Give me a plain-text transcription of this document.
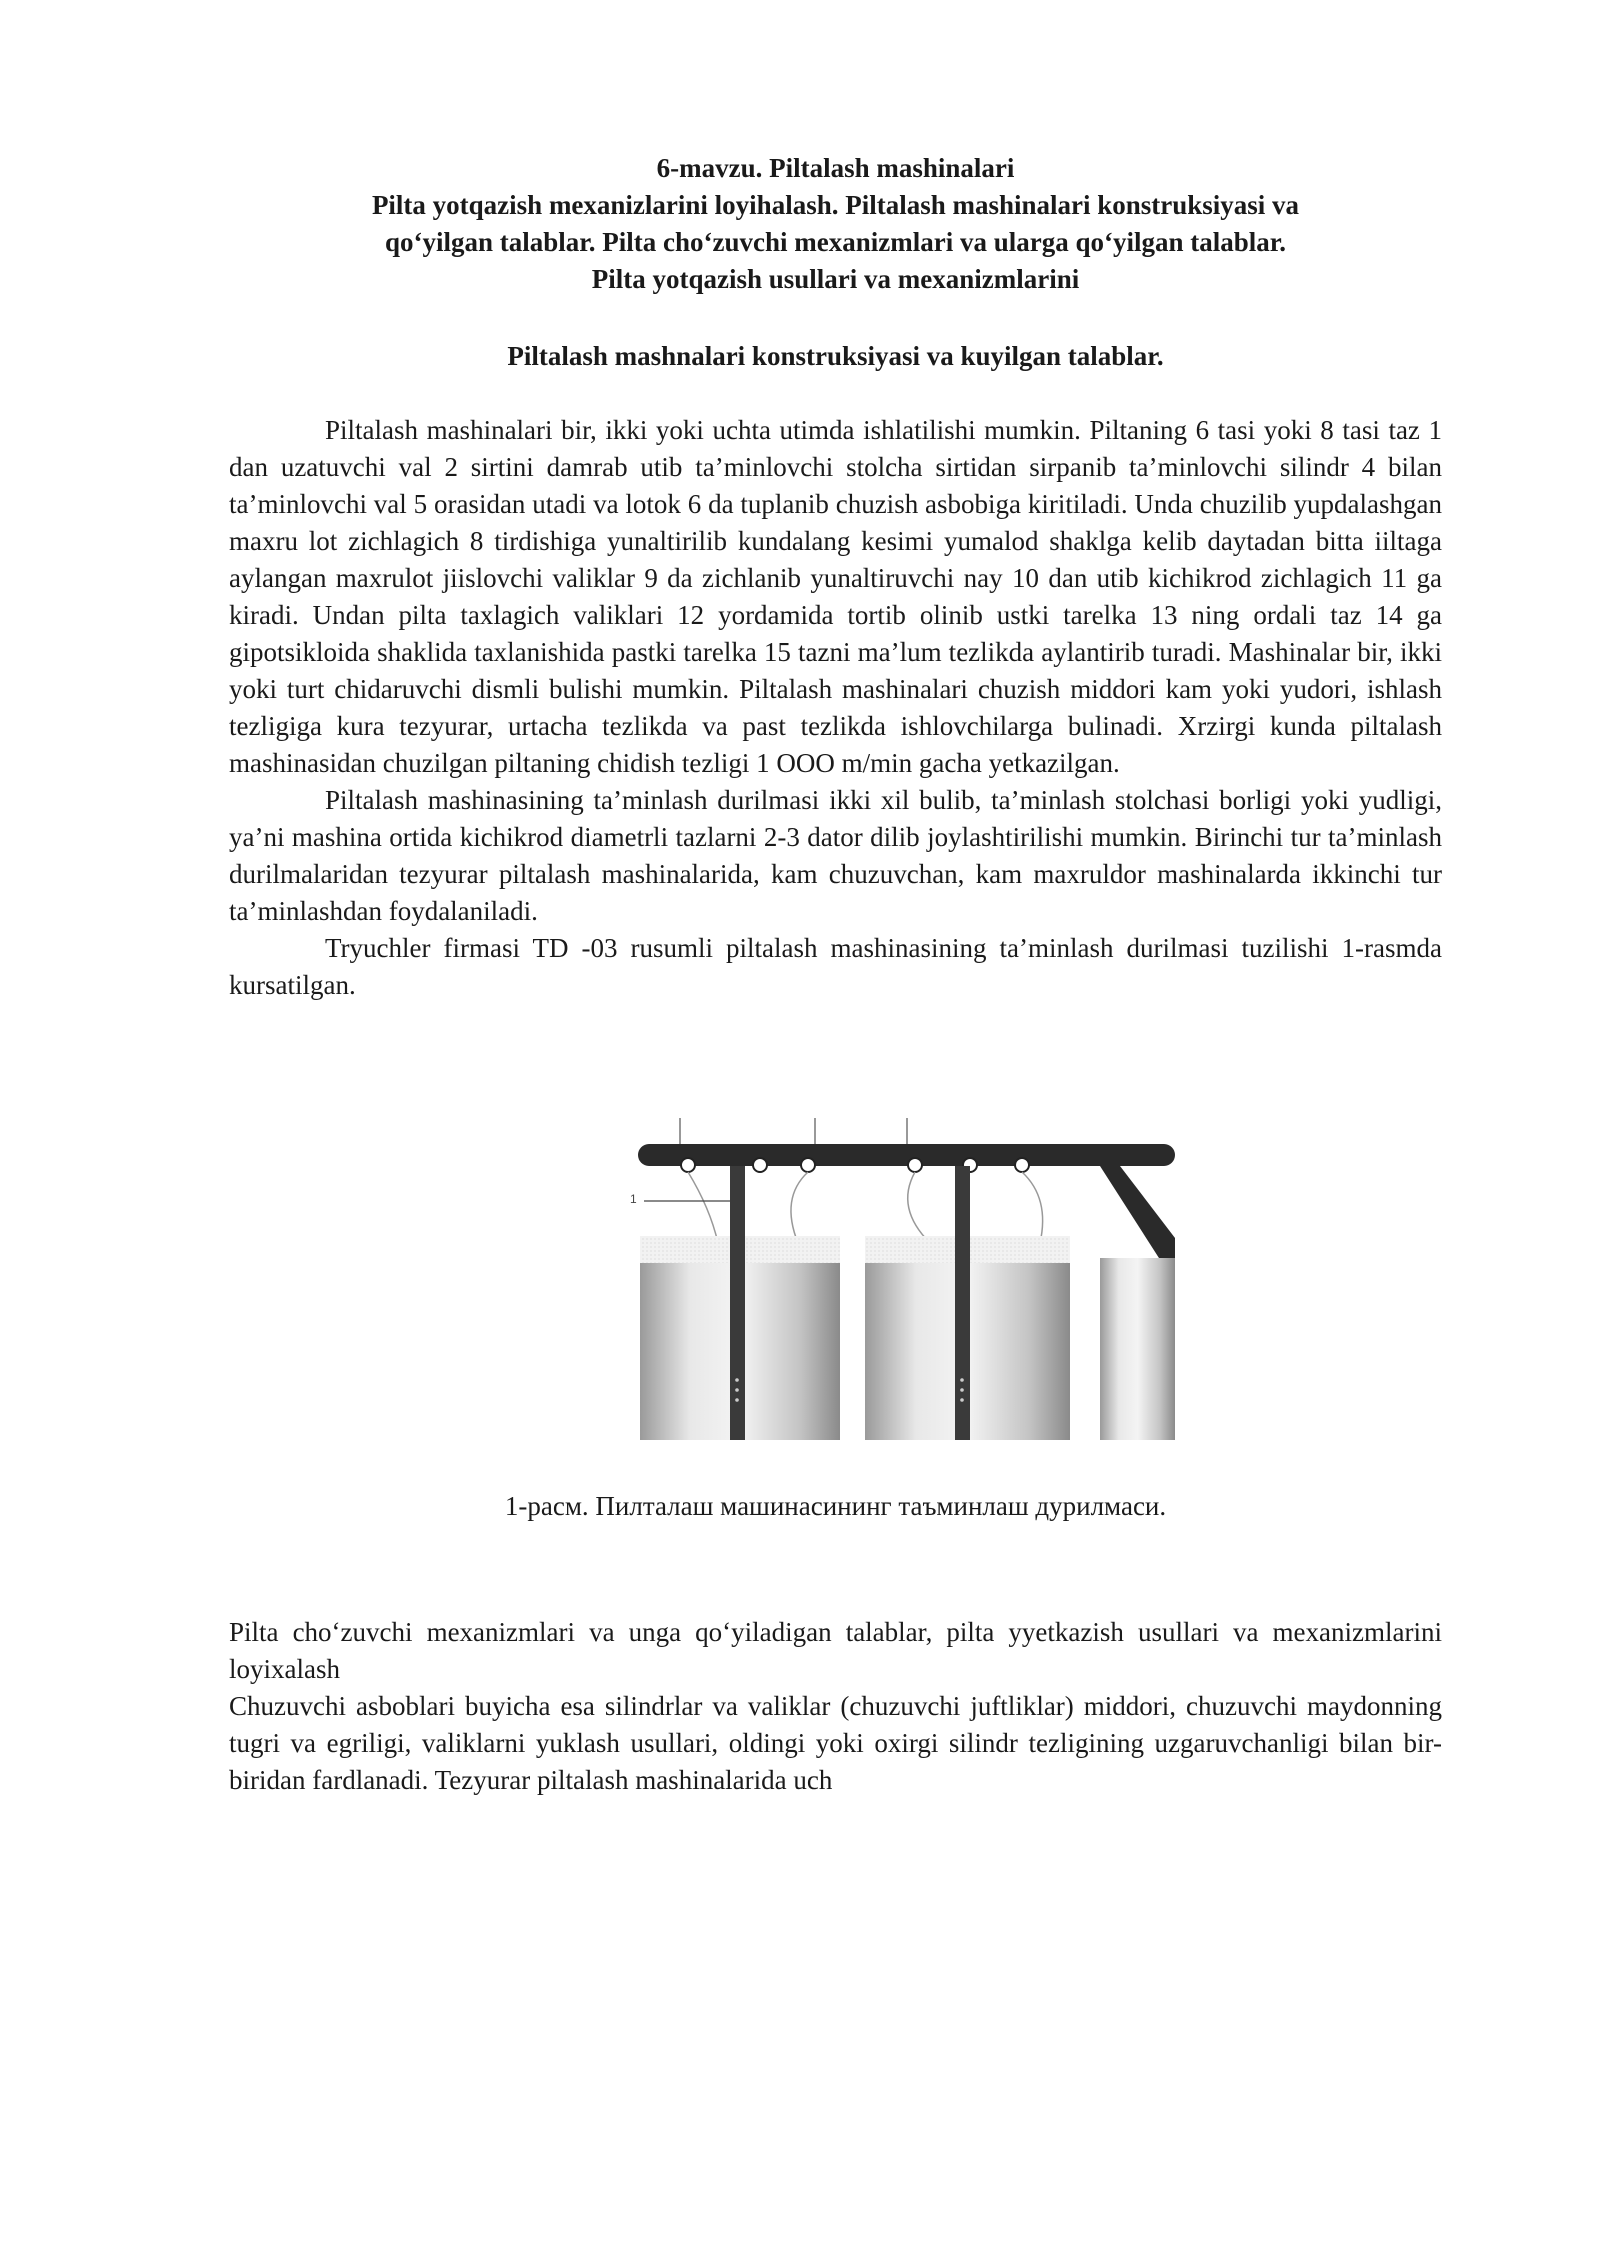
6-mavzu. Piltalash mashinalari
Pilta yotqazish mexanizlarini loyihalash. Piltalash mashinalari konstruksiyasi va qo‘yilgan talablar. Pilta cho‘zuvchi mexanizmlari va ularga qo‘yilgan talablar. Pilta yotqazish usullari va mexanizmlarini
Piltalash mashnalari konstruksiyasi va kuyilgan talablar.

Piltalash mashinalari bir, ikki yoki uchta utimda ishlatilishi mumkin. Piltaning 6 tasi yoki 8 tasi taz 1 dan uzatuvchi val 2 sirtini damrab utib ta’minlovchi stolcha sirtidan sirpanib ta’minlovchi silindr 4 bilan ta’minlovchi val 5 orasidan utadi va lotok 6 da tuplanib chuzish asbobiga kiritiladi. Unda chuzilib yupdalashgan maxru lot zichlagich 8 tirdishiga yunaltirilib kundalang kesimi yumalod shaklga kelib daytadan bitta iiltaga aylangan maxrulot jiislovchi valiklar 9 da zichlanib yunaltiruvchi nay 10 dan utib kichikrod zichlagich 11 ga kiradi. Undan pilta taxlagich valiklari 12 yordamida tortib olinib ustki tarelka 13 ning ordali taz 14 ga gipotsikloida shaklida taxlanishida pastki tarelka 15 tazni ma’lum tezlikda aylantirib turadi. Mashinalar bir, ikki yoki turt chidaruvchi dismli bulishi mumkin. Piltalash mashinalari chuzish middori kam yoki yudori, ishlash tezligiga kura tezyurar, urtacha tezlikda va past tezlikda ishlovchilarga bulinadi. Xrzirgi kunda piltalash mashinasidan chuzilgan piltaning chidish tezligi 1 OOO m/min gacha yetkazilgan.

Piltalash mashinasining ta’minlash durilmasi ikki xil bulib, ta’minlash stolchasi borligi yoki yudligi, ya’ni mashina ortida kichikrod diametrli tazlarni 2-3 dator dilib joylashtirilishi mumkin. Birinchi tur ta’minlash durilmalaridan tezyurar piltalash mashinalarida, kam chuzuvchan, kam maxruldor mashinalarda ikkinchi tur ta’minlashdan foydalaniladi.

Tryuchler firmasi TD -03 rusumli piltalash mashinasining ta’minlash durilmasi tuzilishi 1-rasmda kursatilgan.

1
1-расм. Пилталаш машинасининг таъминлаш дурилмаси.

Pilta cho‘zuvchi mexanizmlari va unga qo‘yiladigan talablar, pilta yyetkazish usullari va mexanizmlarini loyixalash

Chuzuvchi asboblari buyicha esa silindrlar va valiklar (chuzuvchi juftliklar) middori, chuzuvchi maydonning tugri va egriligi, valiklarni yuklash usullari, oldingi yoki oxirgi silindr tezligining uzgaruvchanligi bilan bir-biridan fardlanadi. Tezyurar piltalash mashinalarida uch
